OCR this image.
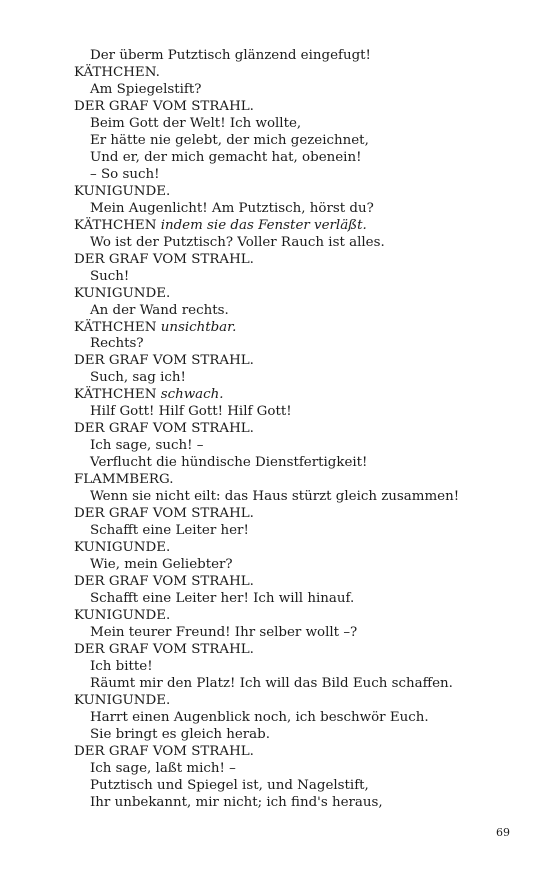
Der überm Putztisch glänzend eingefugt!
KÄTHCHEN.
Am Spiegelstift?
DER GRAF VOM STRAHL.
Beim Gott der Welt! Ich wollte,
Er hätte nie gelebt, der mich gezeichnet,
Und er, der mich gemacht hat, obenein!
– So such!
KUNIGUNDE.
Mein Augenlicht! Am Putztisch, hörst du?
KÄTHCHEN indem sie das Fenster verläßt.
Wo ist der Putztisch? Voller Rauch ist alles.
DER GRAF VOM STRAHL.
Such!
KUNIGUNDE.
An der Wand rechts.
KÄTHCHEN unsichtbar.
Rechts?
DER GRAF VOM STRAHL.
Such, sag ich!
KÄTHCHEN schwach.
Hilf Gott! Hilf Gott! Hilf Gott!
DER GRAF VOM STRAHL.
Ich sage, such! –
Verflucht die hündische Dienstfertigkeit!
FLAMMBERG.
Wenn sie nicht eilt: das Haus stürzt gleich zusammen!
DER GRAF VOM STRAHL.
Schafft eine Leiter her!
KUNIGUNDE.
Wie, mein Geliebter?
DER GRAF VOM STRAHL.
Schafft eine Leiter her! Ich will hinauf.
KUNIGUNDE.
Mein teurer Freund! Ihr selber wollt –?
DER GRAF VOM STRAHL.
Ich bitte!
Räumt mir den Platz! Ich will das Bild Euch schaffen.
KUNIGUNDE.
Harrt einen Augenblick noch, ich beschwör Euch.
Sie bringt es gleich herab.
DER GRAF VOM STRAHL.
Ich sage, laßt mich! –
Putztisch und Spiegel ist, und Nagelstift,
Ihr unbekannt, mir nicht; ich find's heraus,
69
